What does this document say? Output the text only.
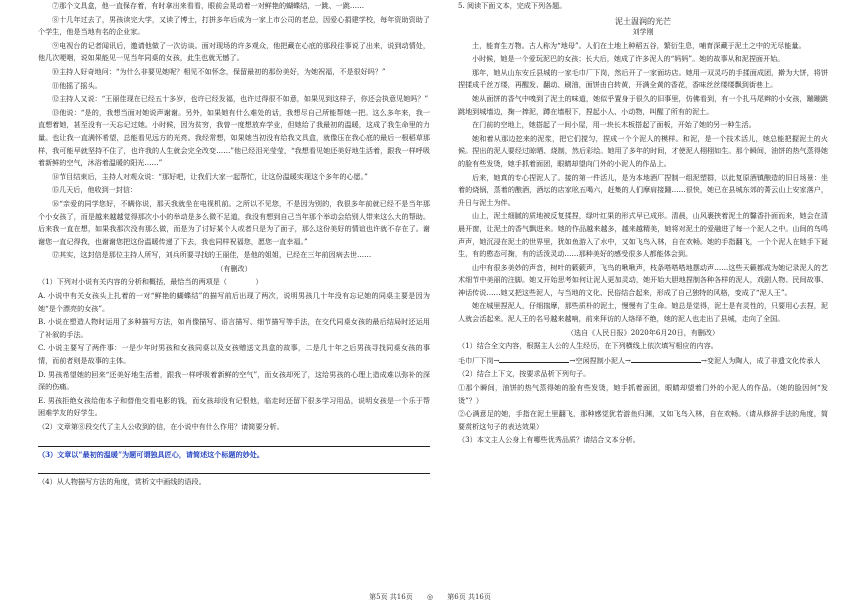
⑦那个文具盒，他一直保存着，有时拿出来看看，眼前会晃动着一对鲜艳的蝴蝶结，一跳、一跳……
⑧十几年过去了，男孩读完大学，又读了博士，打拼多年后成为一家上市公司的老总，因爱心捐建学校，每年资助资助了个学生，他是当地有名的企业家。
⑨电视台的记者闻讯后，邀请他做了一次访谈。面对现场的许多观众，他把藏在心底的那段往事说了出来，说到动情处，他几次哽咽，说如果能见一见当年同桌的女孩，此生也就无憾了。
⑩主持人好奇地问：“为什么非要见她呢？相见不如怀念，保留最初的那份美好，为她祝福，不是很好吗？”
⑪他摇了摇头。
⑫主持人又说：“王丽佳现在已经五十多岁，也许已经发福，也许过得很不如意，如果见到这样子，你还会执意见她吗？”
⑬他说：“是的，我想当面对她说声谢谢。另外，如果她有什么难处的话，我想尽自己所能帮她一把。这么多年来，我一直想着她，甚至没有一天忘记过她。小时候，因为贫穷，我曾一度想放弃学业，但她给了我最初的温暖，这成了我生命里的力量。也让我一直满怀希望，总能看见远方的光亮。我经常想，如果她当初没有给我文具盒，就像压在我心底的最后一根稻草那样，我可能早就坚持不住了，也许我的人生就会完全改变……”他已经泪光莹莹，“我想看见她还美好地生活着，跟我一样呼吸着新鲜的空气，沐浴着温暖的阳光……”
⑭节目结束后，主持人对观众说：“那好吧，让我们大家一起帮忙，让这份温暖实现这个多年的心愿。”
⑮几天后，他收到一封信：
⑯“亲爱的同学您好，不瞒你说，那天我就坐在电视机前。之所以不见您，不是因为别的，我很多年前就已经不是当年那个小女孩了，而是越来越越觉得那次小小的举动是多么微不足道，我没有想到自己当年那个举动会给别人带来这么大的帮助。后来我一直在想，如果我那次没有那么做，而是为了讨好某个人或者只是为了面子，那么这份美好的情谊也许就不存在了。谢谢您一直记得我，也谢谢您把这份温暖传递了下去，我也同样祝福您，愿您一直幸福。”
⑰其实，这封信是那位主持人所写，刘兵所要寻找的王丽佳，是他的姐姐，已经在三年前因病去世……
（有删改）
（1）下列对小说有关内容的分析和概括，最恰当的两项是（　　　　）
A. 小说中有关女孩头上扎着的一对“鲜艳的蝴蝶结”的描写前后出现了两次，说明男孩几十年没有忘记她的同桌主要是因为她“是个漂亮的女孩”。
B. 小说在塑造人物时运用了多种描写方法，如肖像描写、语言描写、细节描写等手法，在交代同桌女孩的最后结局时还运用了补叙的手法。
C. 小说主要写了两件事：一是少年时男孩和女孩同桌以及女孩赠送文具盒的故事，二是几十年之后男孩寻找同桌女孩的事情，而前者则是故事的主体。
D. 男孩希望她的回来“还美好地生活着，跟我一样呼吸着新鲜的空气”，而女孩却死了，这给男孩的心理上造成难以弥补的深深的伤痛。
E. 男孩拒绝女孩给他本子和替他交看电影的钱，而女孩却没有记恨他，临走时还留下很多学习用品，说明女孩是一个乐于帮困难学友的好学生。
（2）文章第⑧段交代了主人公收到的信，在小说中有什么作用？请简要分析。
（3）文章以“最初的温暖”为题可谓独具匠心，请简述这个标题的妙处。
（4）从人物描写方法的角度，赏析文中画线的语段。
5. 阅读下面文本，完成下列各题。
泥土温润的光芒
刘学刚
土，能育生万物。古人称为“地母”。人们在土地上种稻五谷，繁衍生息，哺育深藏于泥土之中的无尽能量。
小时候，她是一个爱玩泥巴的女孩；长大后，她成了许多泥人的“妈妈”。她的故事从和泥捏面开始。
那年，她从山东安丘县城的一家毛巾厂下岗，然后开了一家面坊店。她用一双灵巧的手揉面成团，擀为大饼，将饼捏揉成千丝万缕，再醒发、翻动、刷油，面饼由白转黄，开满全黄的香花，香味丝丝缕缕飘到街巷上。
她从面饼的香气中嗅到了泥土的味道，她似乎置身于很久的旧事里，仿佛看到，有一个扎马尾辫的小女孩，蹦蹦跳跳地到城墙边，掬一捧泥，蹲在墙根下，捏起小人、小动物，叫醒了所有的泥土。
在门前的空地上，她搭起了一间小屋，用一块长木板搭起了面板，开始了她的另一种生活。
她和着从那边挖来的泥浆，把它们搅匀，捏成一个个泥人的模样。和泥，是一个技术活儿，她总能把握泥土的火候。捏出的泥人要经过晾晒、烧制，然后彩绘。她用了多年的时间，才使泥人栩栩如生。那个瞬间，油饼的热气蒸得她的脸有些发烫，她手抓着面团，眼睛却望向门外的小泥人的作品上。
后来，她真的专心捏泥人了。接的第一件活儿，是为本地酒厂捏制一组泥塑群，以此复原酒镇酿造的旧日场景：坐着的烧锅，蒸着的酿酒，酒坛的店家吆五喝六，赶集的人们摩肩接踵……很快，她已在县城东郊的菁云山上安家落户，升日与泥土为伴。
山上，泥土细腻的质地被反复揉捏，绿叶红果的形式早已成形。清晨，山风裹挟着泥土的馨香扑面而来，她会在清晨开窗，让泥土的香气飘进来。她的作品越来越多，越来越精美，她将对泥土的爱融进了每一个泥人之中。山间的鸟鸣声声，她沉浸在泥土的世界里，犹如鱼游入了水中，又如飞鸟入林，自在欢畅。她的手指翻飞，一个个泥人在她手下诞生，有的憨态可掬，有的活泼灵动……那种美好的感受很多人都能体会到。
山中有很多美妙的声音，树叶的簌簌声，飞鸟的啾啾声，枝条嗒嗒嗒地摆动声……这些天籁都成为她记录泥人的艺术细节中美丽的注脚。她又开始思考如何让泥人更加灵动，她开始大胆地捏制各种各样的泥人，戏剧人物、民间故事、神话传说……她又把这些泥人，与当地的文化、民俗结合起来，形成了自己独特的风格，变成了“泥人王”。
她在城里捏泥人，仔细揣摩，那些质朴的泥土，慢慢有了生命。她总是觉得，泥土是有灵性的，只要用心去捏，泥人就会活起来。泥人王的名号越来越响，前来拜访的人络绎不绝，她的泥人也走出了县城，走向了全国。
（选自《人民日报》2020年6月20日，有删改）
（1）结合全文内容，根据主人公的人生经历，在下列横线上依次填写相应的内容。
毛巾厂下岗→	→空闲捏制小泥人→	→变泥人为陶人，成了非遗文化传承人
（2）结合上下文，按要求品析下列句子。
①那个瞬间，油饼的热气蒸得她的脸有些发烫，她手抓着面团，眼睛却望着门外的小泥人的作品。（她的脸因何“发烫”？）
②心满意足的她，手指在泥土里翻飞，那种感觉犹若游鱼归渊，又如飞鸟入林，自在欢畅。（请从修辞手法的角度，简要赏析这句子的表达效果）
（3）本文主人公身上有哪些优秀品质？请结合文本分析。
第5页 共16页 ◎ 第6页 共16页
